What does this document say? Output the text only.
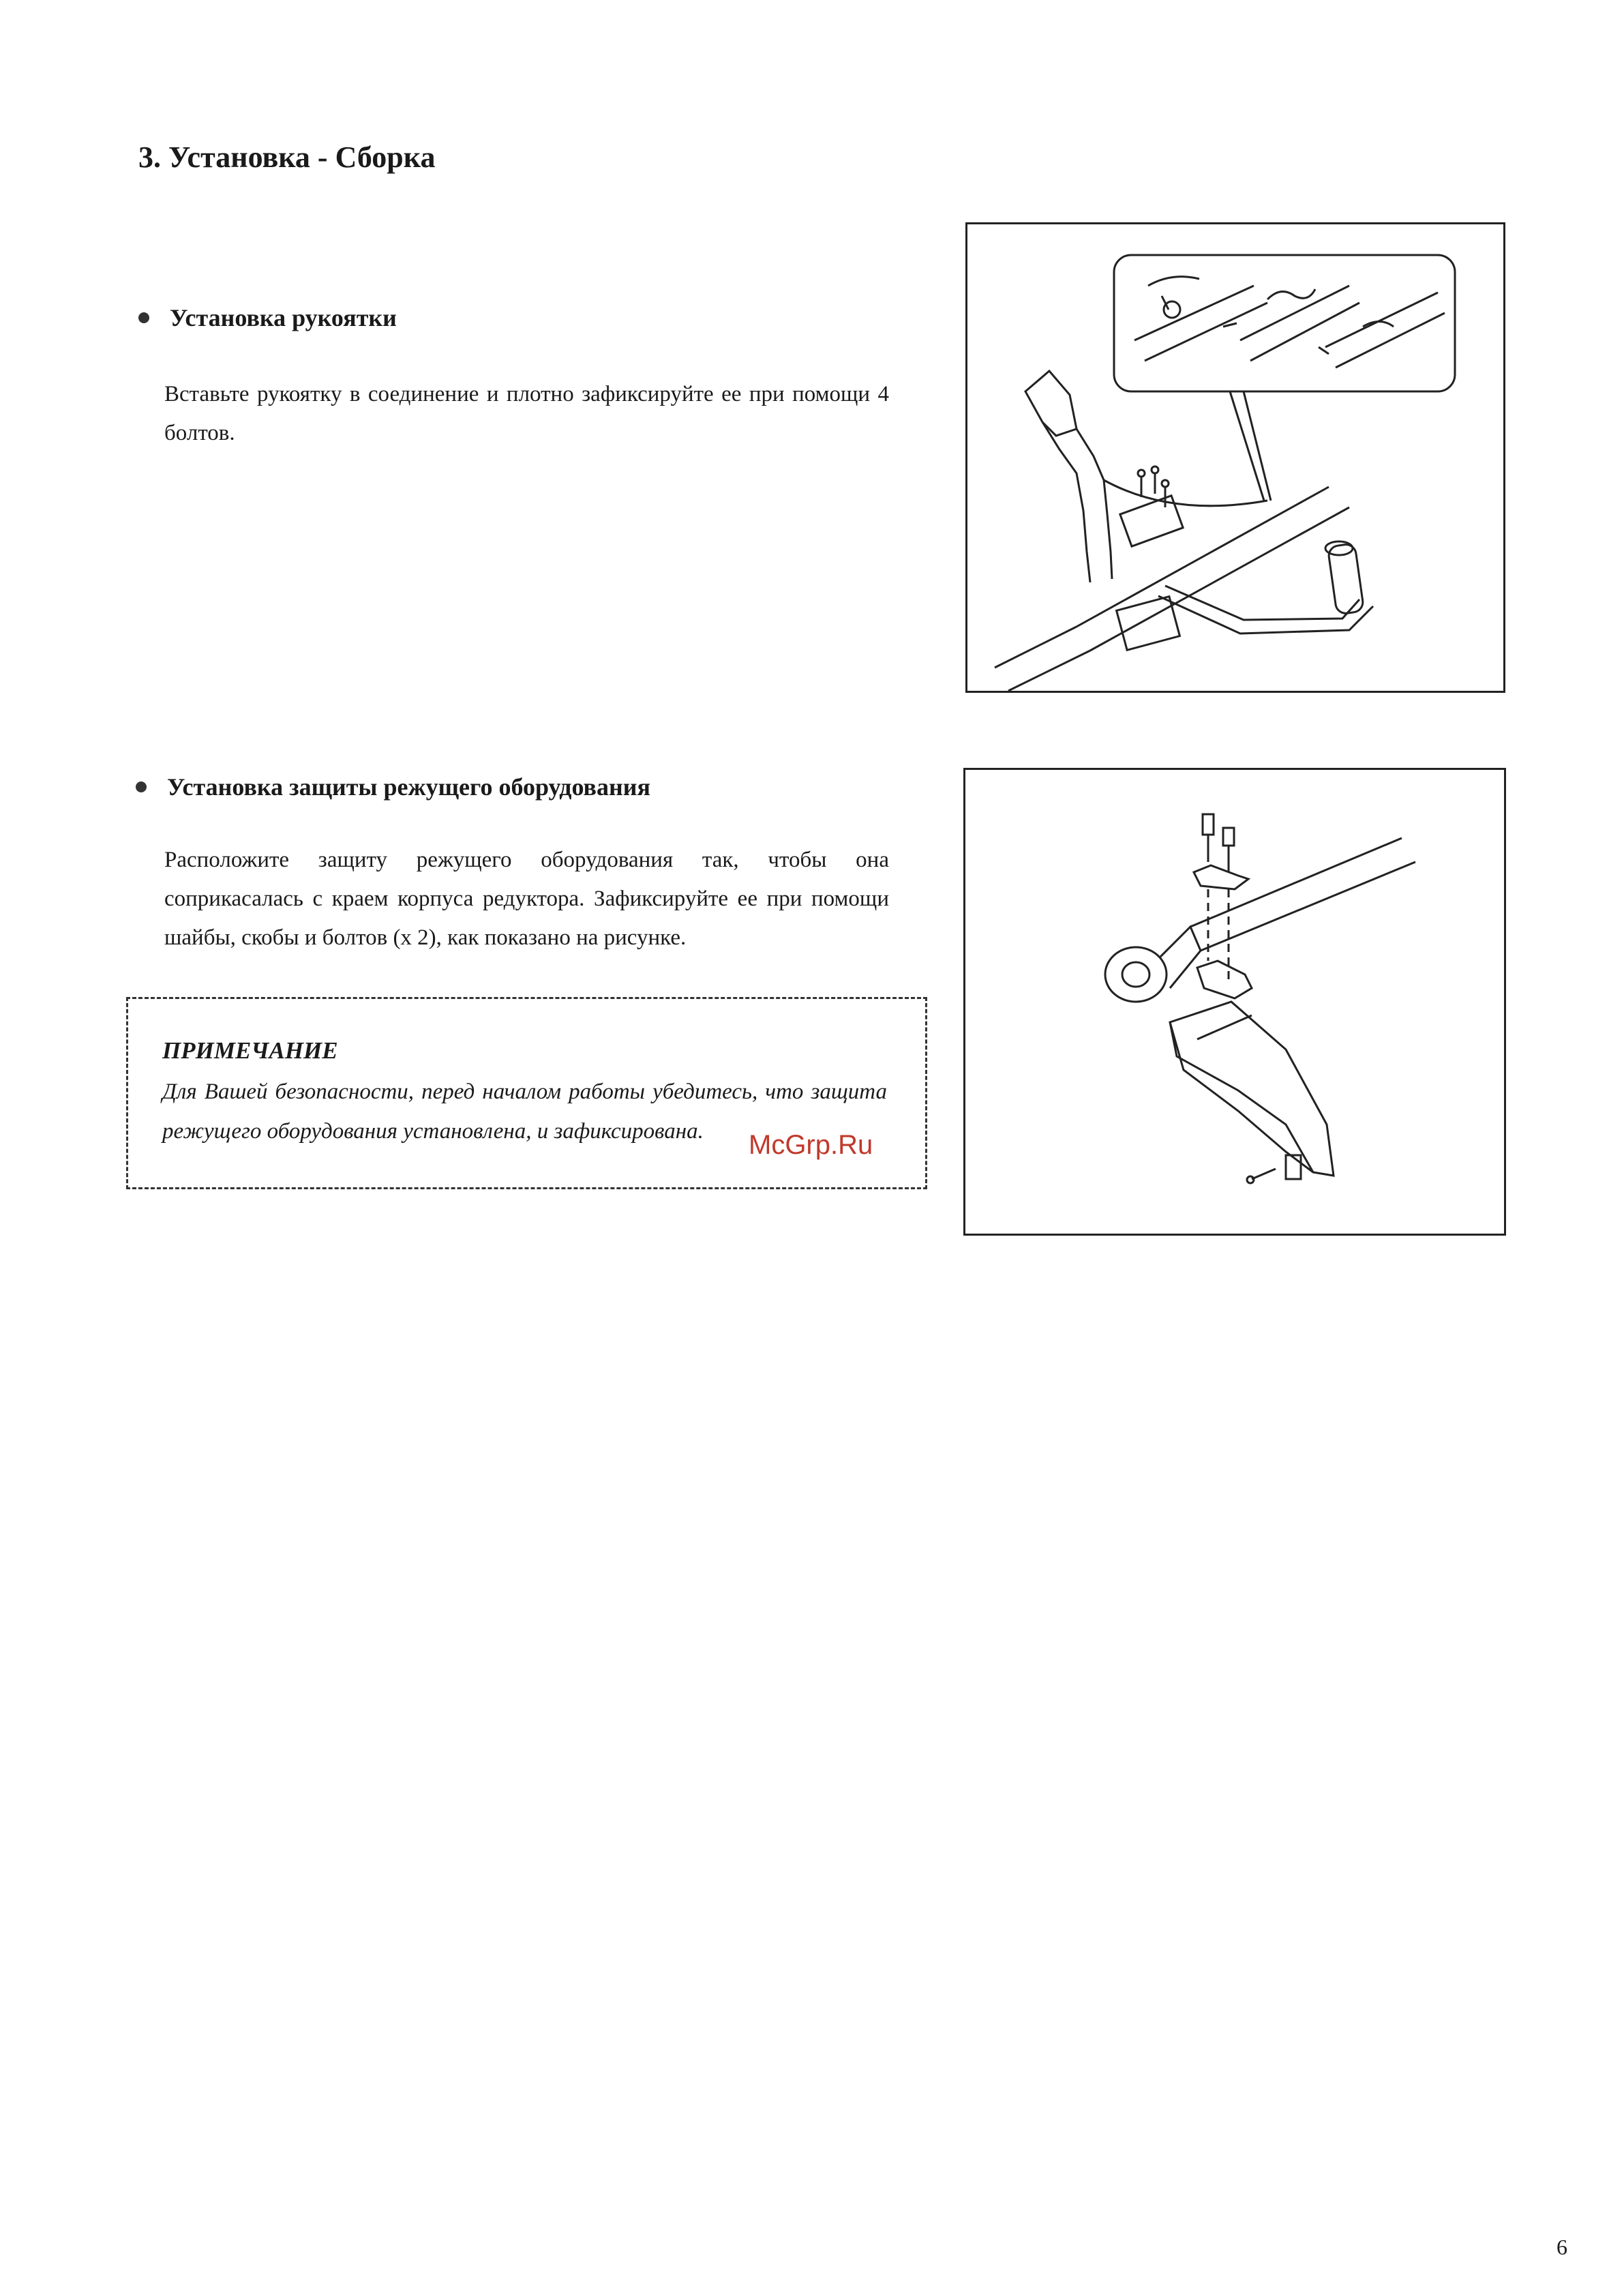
3. Установка - Сборка
Установка рукоятки
Вставьте рукоятку в соединение и плотно зафиксируйте ее при помощи 4 болтов.
Установка защиты режущего оборудования
Расположите защиту режущего оборудования так, чтобы она соприкасалась с краем корпуса редуктора. Зафиксируйте ее при помощи шайбы, скобы и болтов (х 2), как показано на рисунке.
ПРИМЕЧАНИЕ
Для Вашей безопасности, перед началом работы убедитесь, что защита режущего оборудования установлена, и зафиксирована.	McGrp.Ru
6
